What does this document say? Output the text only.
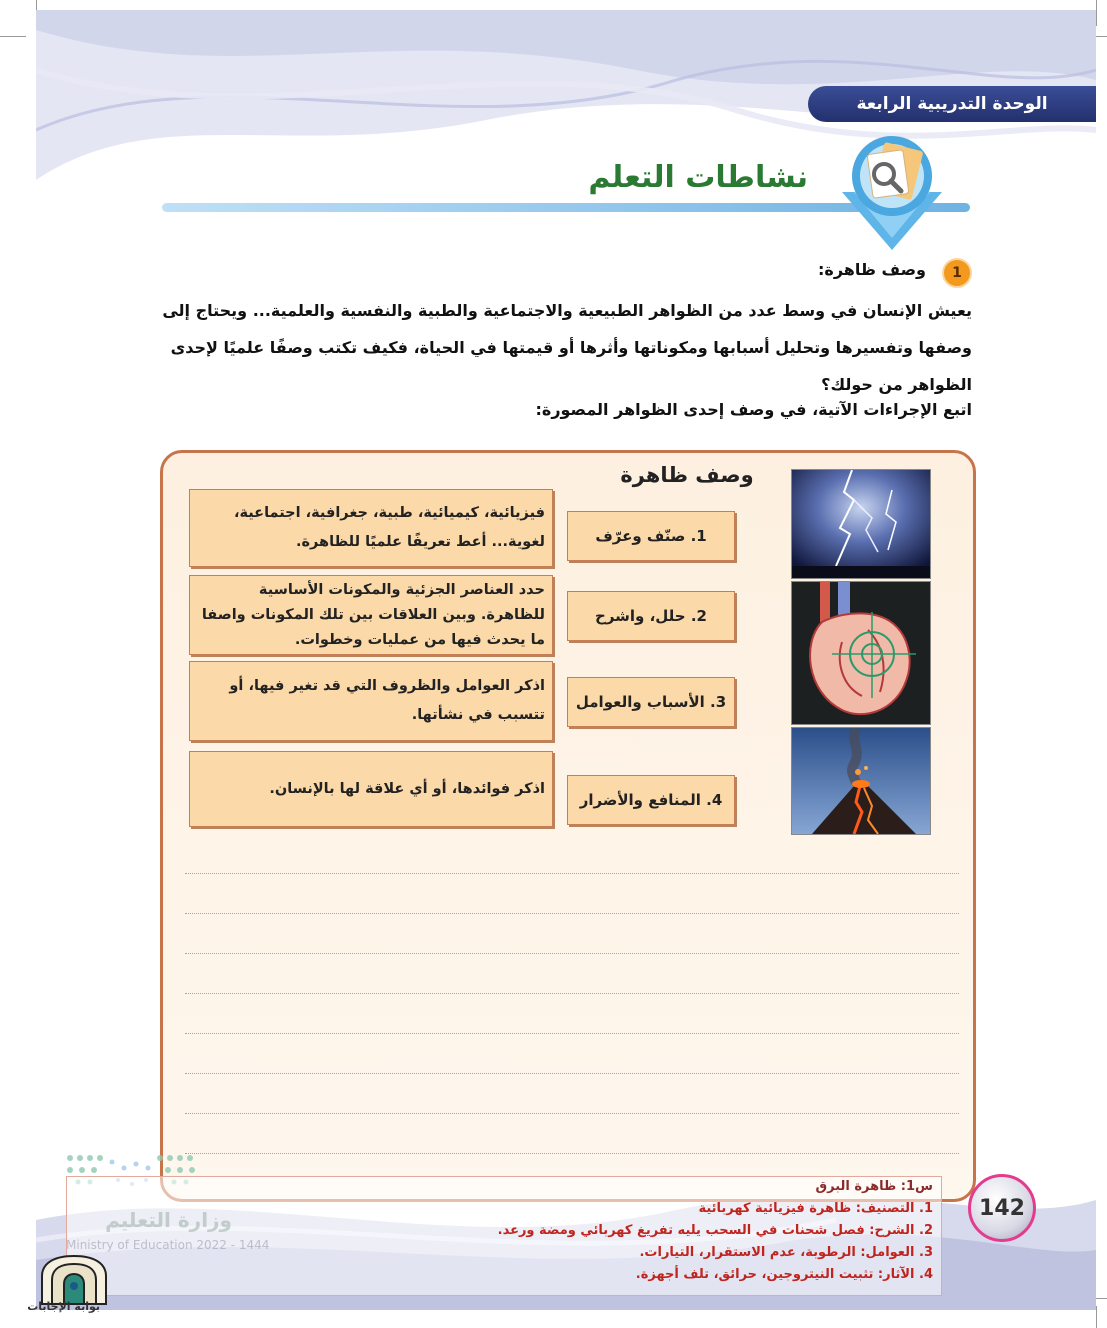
الوحدة التدريبية الرابعة
نشاطات التعلم
1
وصف ظاهرة:
يعيش الإنسان في وسط عدد من الظواهر الطبيعية والاجتماعية والطبية والنفسية والعلمية... ويحتاج إلى
وصفها وتفسيرها وتحليل أسبابها ومكوناتها وأثرها أو قيمتها في الحياة، فكيف تكتب وصفًا علميًا لإحدى
الظواهر من حولك؟
اتبع الإجراءات الآتية، في وصف إحدى الظواهر المصورة:
وصف ظاهرة
1. صنّف وعرّف
2. حلل، واشرح
3. الأسباب والعوامل
4. المنافع والأضرار
فيزيائية، كيميائية، طبية، جغرافية، اجتماعية، لغوية... أعط تعريفًا علميًا للظاهرة.
حدد العناصر الجزئية والمكونات الأساسية للظاهرة. وبين العلاقات بين تلك المكونات واصفا ما يحدث فيها من عمليات وخطوات.
اذكر العوامل والظروف التي قد تغير فيها، أو تتسبب في نشأتها.
اذكر فوائدها، أو أي علاقة لها بالإنسان.
142
س1: ظاهرة البرق
1. التصنيف: ظاهرة فيزيائية كهربائية
2. الشرح: فصل شحنات في السحب يليه تفريغ كهربائي ومضة ورعد.
3. العوامل: الرطوبة، عدم الاستقرار، التيارات.
4. الآثار: تثبيت النيتروجين، حرائق، تلف أجهزة.
وزارة التعليم
Ministry of Education 2022 - 1444
بوابة الإجابات
